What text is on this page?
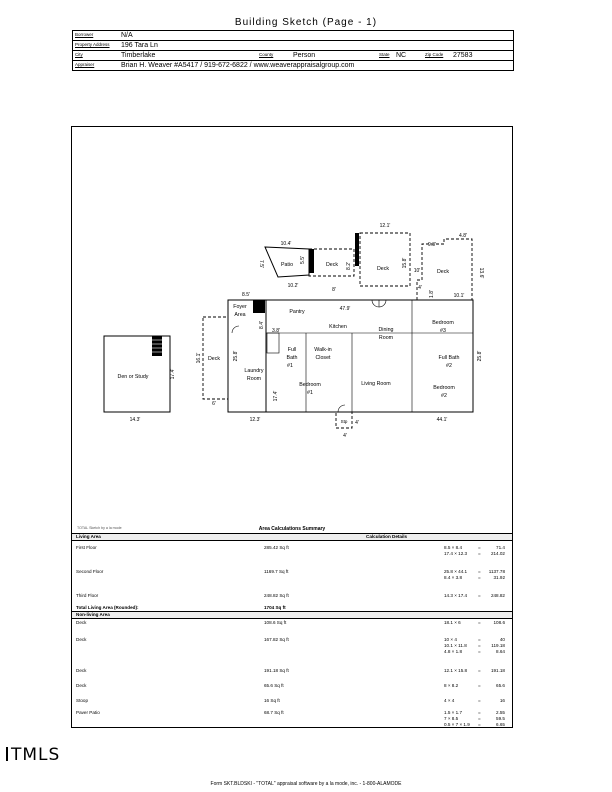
Building Sketch (Page - 1)
Borrower	N/A
Property Address 196 Tara Ln
City	Timberlake	County	Person	State NC	Zip Code 27583
Appraiser	Brian H. Weaver #A5417 / 919-672-6822 / www.weaverappraisalgroup.com
Patio	Deck
Deck	Deck
Foyer Area	Pantry
Kitchen	Dining Room
Bedroom #3
Full Bath #1
Walk-in Closet	Full Bath #2
Deck
Laundry Room
Den or Study
Living Room
Bedroom #1
Bedroom #2
Stp
10.4'
7.5'
5.5'
8.2'
10.2'
8'
12.1'
9.3'
4.8'
15.8'
10'	13.6'
4'
1.8'	10.1'
8.5'
47.9'
8.4'
3.8'
16.1'	25.8'	25.8'
6'
17.4'
17.4'
14.3'	12.3'	44.1'
4'
4'
TOTAL Sketch by a la mode	Area Calculations Summary
Living Area	Calculation Details
First Floor	285.42 Sq ft	8.5 × 8.4	=	71.4
17.4 × 12.3 = 214.02
Second Floor	1169.7 Sq ft	25.8 × 44.1 = 1137.78
8.4 × 3.8	=	31.92
Third Floor	248.82 Sq ft	14.3 × 17.4 = 248.82
Total Living Area (Rounded):	1704 Sq ft
Non-living Area
Deck	108.6 Sq ft	18.1 × 6	=	108.6
Deck	167.82 Sq ft	10 × 4	=	40
10.1 × 11.8 = 119.18
4.8 × 1.8	=	8.64
Deck	191.18 Sq ft	12.1 × 15.8 = 191.18
Deck	65.6 Sq ft	8 × 8.2	=	65.6
Stoop	16 Sq ft	4 × 4	=	16
Paver Patio	68.7 Sq ft	1.5 × 1.7	=	2.55
7 × 8.5	=	59.5
0.5 × 7 × 1.9 =	6.65
TMLS
Form SKT.BLDSKI - "TOTAL" appraisal software by a la mode, inc. - 1-800-ALAMODE
